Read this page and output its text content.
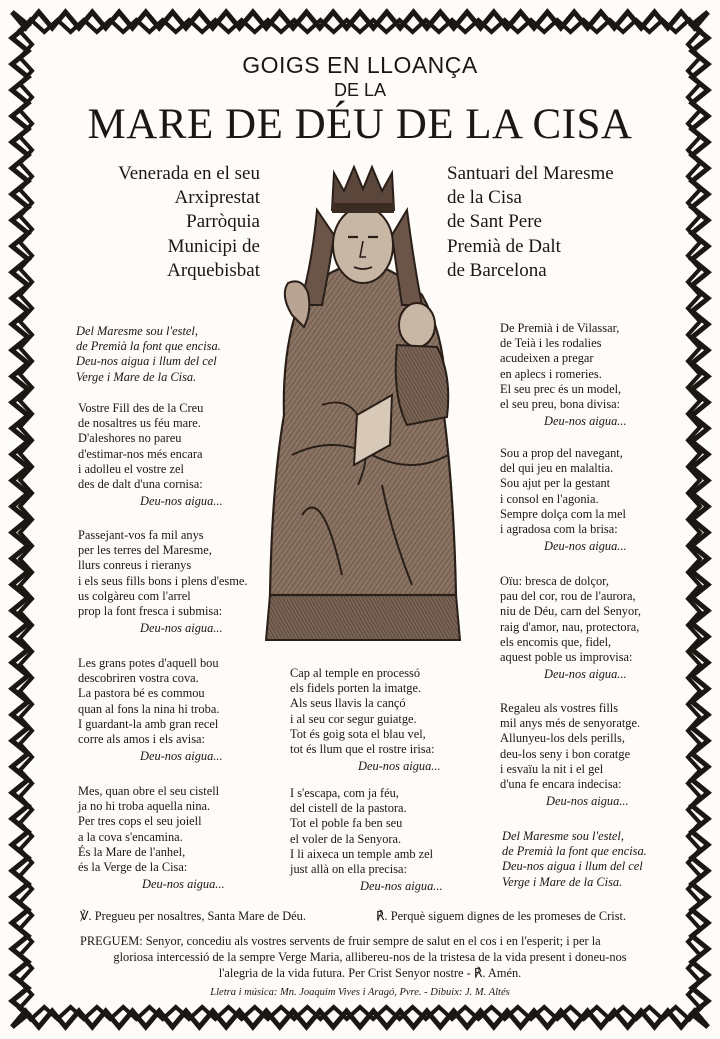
GOIGS EN LLOANÇA
DE LA
MARE DE DÉU DE LA CISA
Venerada en el seu
Arxiprestat
Parròquia
Municipi de
Arquebisbat
Santuari del Maresme
de la Cisa
de Sant Pere
Premià de Dalt
de Barcelona
Del Maresme sou l'estel,
de Premià la font que encisa.
Deu-nos aigua i llum del cel
Verge i Mare de la Cisa.
Vostre Fill des de la Creu
de nosaltres us féu mare.
D'aleshores no pareu
d'estimar-nos més encara
i adolleu el vostre zel
des de dalt d'una cornisa:
Deu-nos aigua...
Passejant-vos fa mil anys
per les terres del Maresme,
llurs conreus i rieranys
i els seus fills bons i plens d'esme.
us colgàreu com l'arrel
prop la font fresca i submisa:
Deu-nos aigua...
Les grans potes d'aquell bou
descobriren vostra cova.
La pastora bé es commou
quan al fons la nina hi troba.
I guardant-la amb gran recel
corre als amos i els avisa:
Deu-nos aigua...
Mes, quan obre el seu cistell
ja no hi troba aquella nina.
Per tres cops el seu joiell
a la cova s'encamina.
És la Mare de l'anhel,
és la Verge de la Cisa:
Deu-nos aigua...
Cap al temple en processó
els fidels porten la imatge.
Als seus llavis la cançó
i al seu cor segur guiatge.
Tot és goig sota el blau vel,
tot és llum que el rostre irisa:
Deu-nos aigua...
I s'escapa, com ja féu,
del cistell de la pastora.
Tot el poble fa ben seu
el voler de la Senyora.
I li aixeca un temple amb zel
just allà on ella precisa:
Deu-nos aigua...
De Premià i de Vilassar,
de Teià i les rodalies
acudeixen a pregar
en aplecs i romeries.
El seu prec és un model,
el seu preu, bona divisa:
Deu-nos aigua...
Sou a prop del navegant,
del qui jeu en malaltia.
Sou ajut per la gestant
i consol en l'agonia.
Sempre dolça com la mel
i agradosa com la brisa:
Deu-nos aigua...
Oïu: bresca de dolçor,
pau del cor, rou de l'aurora,
niu de Déu, carn del Senyor,
raig d'amor, nau, protectora,
els encomis que, fidel,
aquest poble us improvisa:
Deu-nos aigua...
Regaleu als vostres fills
mil anys més de senyoratge.
Allunyeu-los dels perills,
deu-los seny i bon coratge
i esvaïu la nit i el gel
d'una fe encara indecisa:
Deu-nos aigua...
Del Maresme sou l'estel,
de Premià la font que encisa.
Deu-nos aigua i llum del cel
Verge i Mare de la Cisa.
℣. Pregueu per nosaltres, Santa Mare de Déu.	℟. Perquè siguem dignes de les promeses de Crist.
PREGUEM: Senyor, concediu als vostres servents de fruir sempre de salut en el cos i en l'esperit; i per la
gloriosa intercessió de la sempre Verge Maria, allibereu-nos de la tristesa de la vida present i doneu-nos
l'alegria de la vida futura. Per Crist Senyor nostre - ℟. Amén.
Lletra i música: Mn. Joaquim Vives i Aragó, Pvre. - Dibuix: J. M. Altés
